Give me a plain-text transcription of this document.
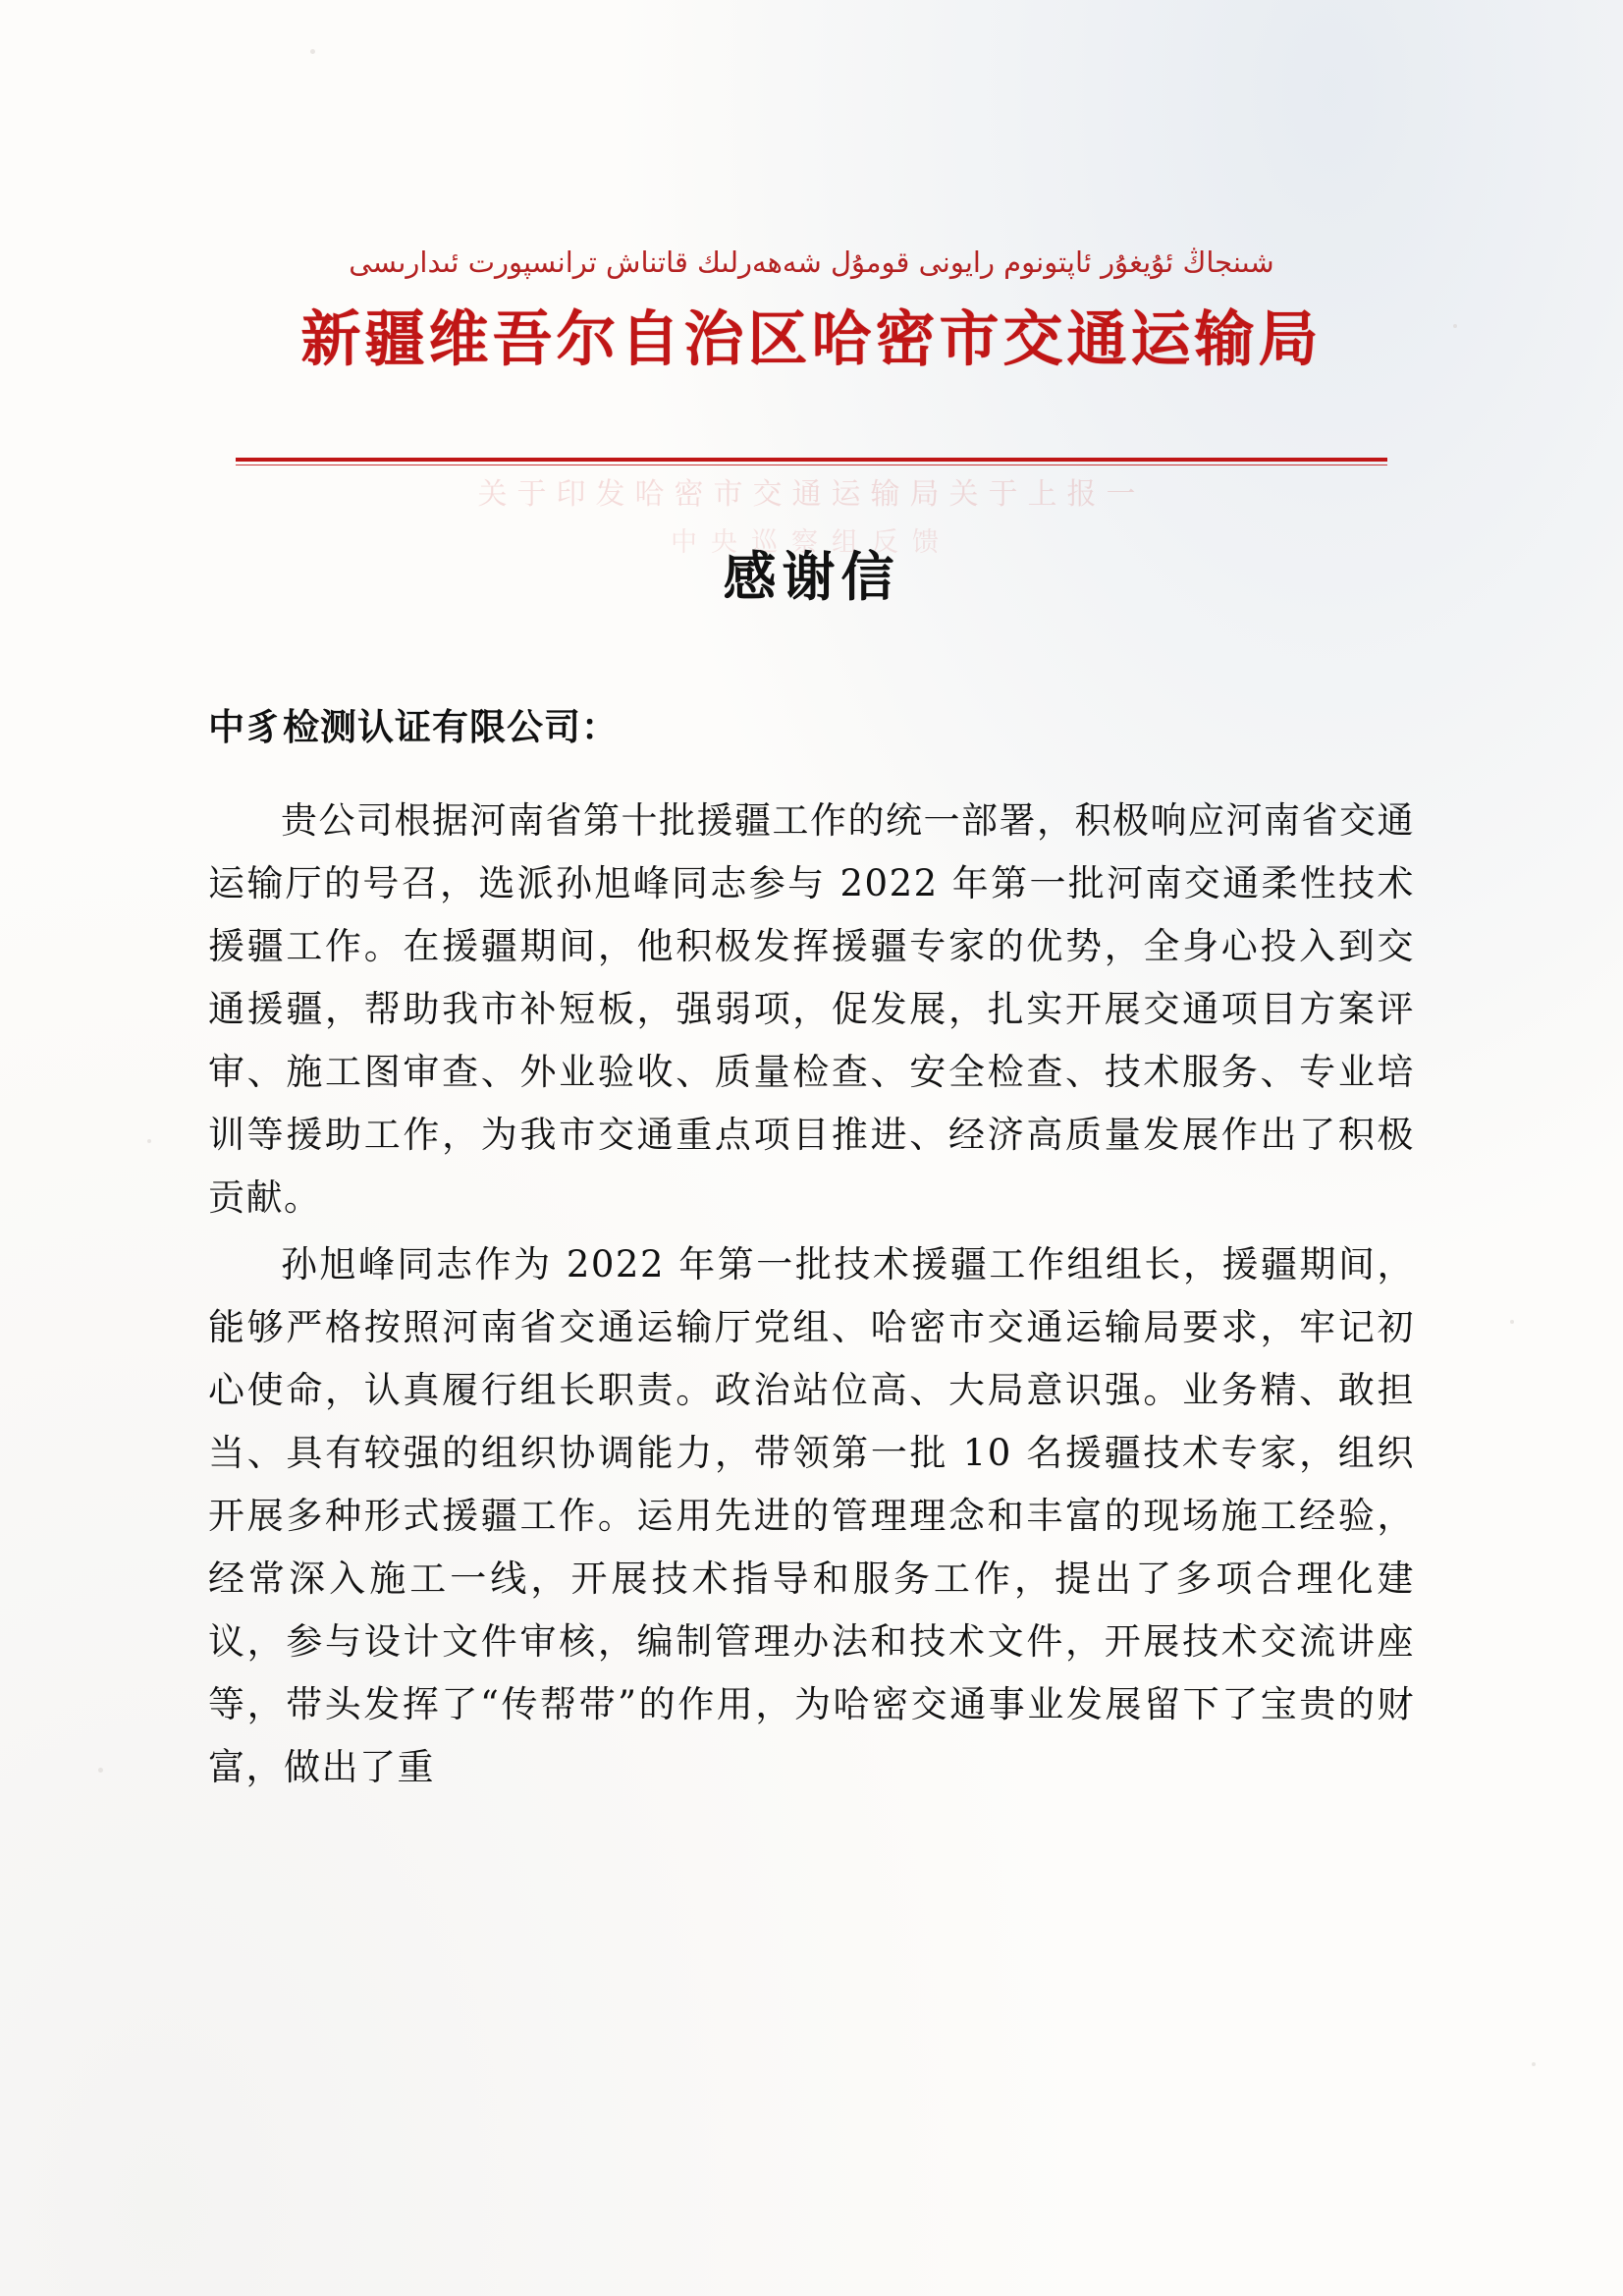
شىنجاڭ ئۇيغۇر ئاپتونوم رايونى قومۇل شەھەرلىك قاتناش ترانسپورت ئىدارىسى
新疆维吾尔自治区哈密市交通运输局
关于印发哈密市交通运输局关于上报一
中央巡察组反馈
感谢信
中豸检测认证有限公司：

贵公司根据河南省第十批援疆工作的统一部署，积极响应河南省交通运输厅的号召，选派孙旭峰同志参与 2022 年第一批河南交通柔性技术援疆工作。在援疆期间，他积极发挥援疆专家的优势，全身心投入到交通援疆，帮助我市补短板，强弱项，促发展，扎实开展交通项目方案评审、施工图审查、外业验收、质量检查、安全检查、技术服务、专业培训等援助工作，为我市交通重点项目推进、经济高质量发展作出了积极贡献。

孙旭峰同志作为 2022 年第一批技术援疆工作组组长，援疆期间，能够严格按照河南省交通运输厅党组、哈密市交通运输局要求，牢记初心使命，认真履行组长职责。政治站位高、大局意识强。业务精、敢担当、具有较强的组织协调能力，带领第一批 10 名援疆技术专家，组织开展多种形式援疆工作。运用先进的管理理念和丰富的现场施工经验，经常深入施工一线，开展技术指导和服务工作，提出了多项合理化建议，参与设计文件审核，编制管理办法和技术文件，开展技术交流讲座等，带头发挥了“传帮带”的作用，为哈密交通事业发展留下了宝贵的财富，做出了重
